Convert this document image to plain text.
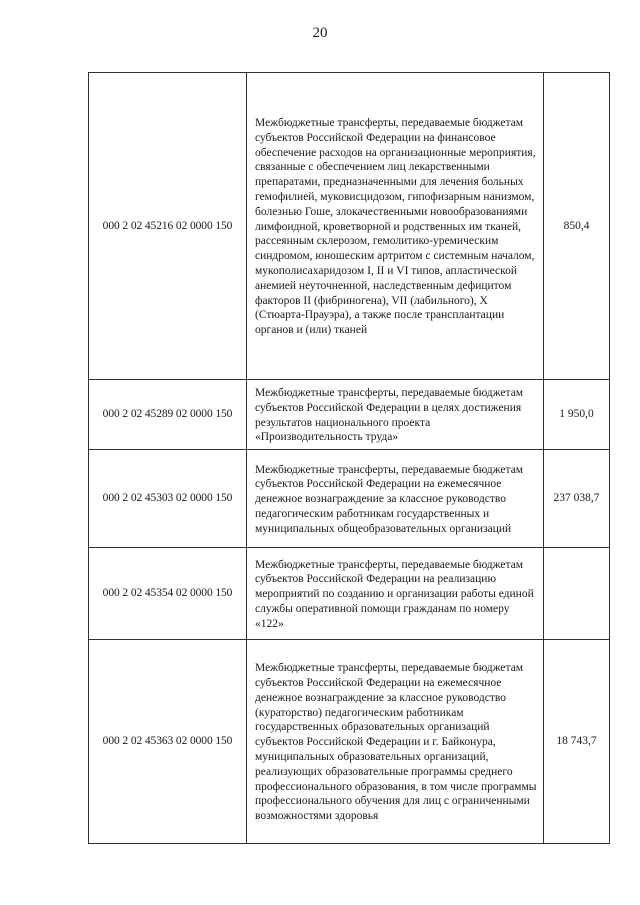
20
000 2 02 45216 02 0000 150	Межбюджетные трансферты, передаваемые бюджетам субъектов Российской Федерации на финансовое обеспечение расходов на организационные мероприятия, связанные с обеспечением лиц лекарственными препаратами, предназначенными для лечения больных гемофилией, муковисцидозом, гипофизарным нанизмом, болезнью Гоше, злокачественными новообразованиями лимфоидной, кроветворной и родственных им тканей, рассеянным склерозом, гемолитико-уремическим синдромом, юношеским артритом с системным началом, мукополисахаридозом I, II и VI типов, апластической анемией неуточненной, наследственным дефицитом факторов II (фибриногена), VII (лабильного), X (Стюарта-Прауэра), а также после трансплантации органов и (или) тканей	850,4
000 2 02 45289 02 0000 150	Межбюджетные трансферты, передаваемые бюджетам субъектов Российской Федерации в целях достижения результатов национального проекта «Производительность труда»	1 950,0
000 2 02 45303 02 0000 150	Межбюджетные трансферты, передаваемые бюджетам субъектов Российской Федерации на ежемесячное денежное вознаграждение за классное руководство педагогическим работникам государственных и муниципальных общеобразовательных организаций	237 038,7
000 2 02 45354 02 0000 150	Межбюджетные трансферты, передаваемые бюджетам субъектов Российской Федерации на реализацию мероприятий по созданию и организации работы единой службы оперативной помощи гражданам по номеру «122»	
000 2 02 45363 02 0000 150	Межбюджетные трансферты, передаваемые бюджетам субъектов Российской Федерации на ежемесячное денежное вознаграждение за классное руководство (кураторство) педагогическим работникам государственных образовательных организаций субъектов Российской Федерации и г. Байконура, муниципальных образовательных организаций, реализующих образовательные программы среднего профессионального образования, в том числе программы профессионального обучения для лиц с ограниченными возможностями здоровья	18 743,7
